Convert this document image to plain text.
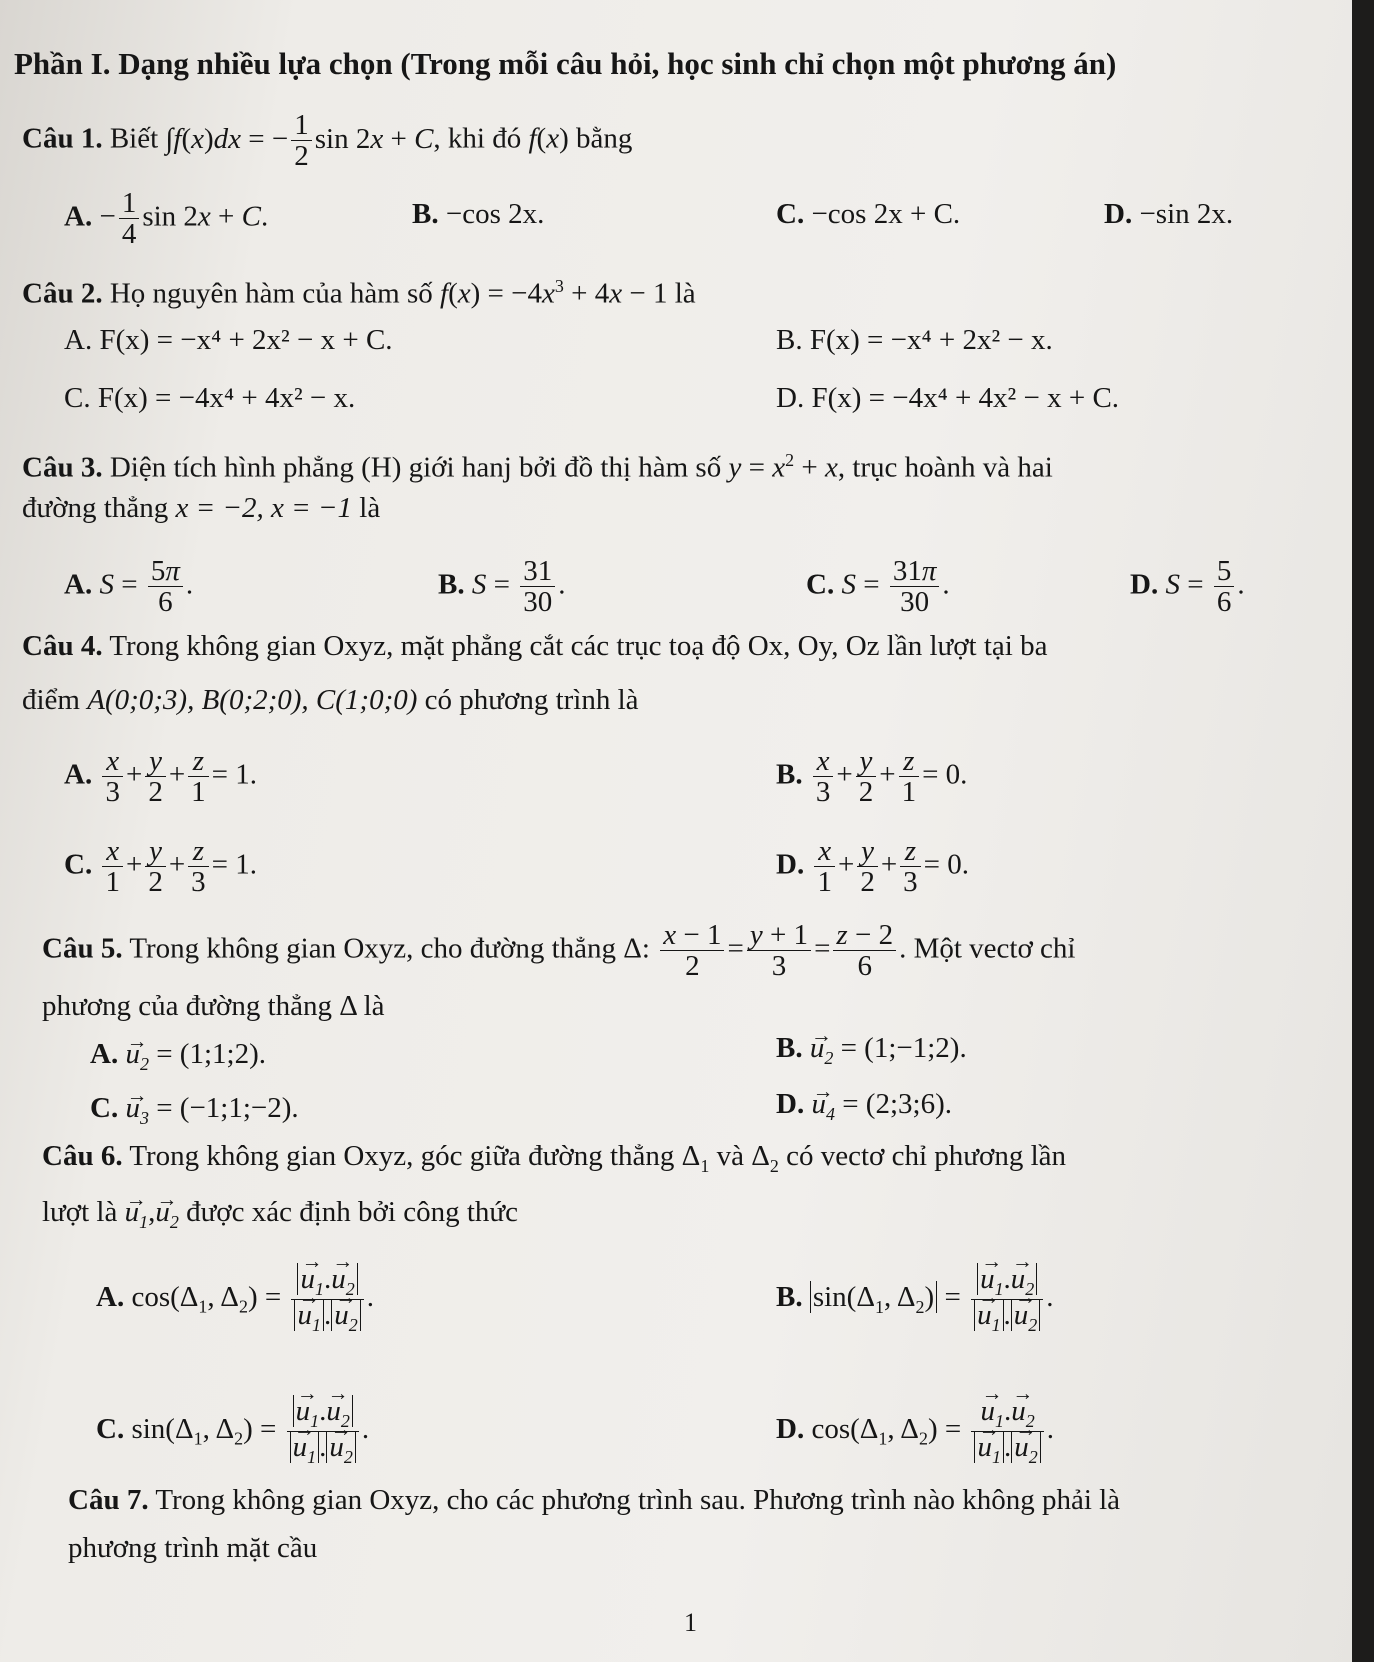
Phần I. Dạng nhiều lựa chọn (Trong mỗi câu hỏi, học sinh chỉ chọn một phương án)
Câu 1. Biết ∫f(x)dx = − $\frac{1}{2}$ sin 2x + C, khi đó f(x) bằng
A. − $\frac{1}{4}$ sin 2x + C.	B. −cos 2x.	C. −cos 2x + C.	D. −sin 2x.
Câu 2. Họ nguyên hàm của hàm số $f(x) = -4x^3 + 4x - 1$ là
A. F(x) = −x⁴ + 2x² − x + C.	B. F(x) = −x⁴ + 2x² − x.
C. F(x) = −4x⁴ + 4x² − x.	D. F(x) = −4x⁴ + 4x² − x + C.
Câu 3. Diện tích hình phẳng (H) giới hanj bởi đồ thị hàm số $y = x^2 + x$, trục hoành và hai
đường thẳng x = −2, x = −1 là
A. $S = \frac{5\pi}{6}$ .	B. $S = \frac{31}{30}$ .	C. $S = \frac{31\pi}{30}$ .	D. $S = \frac{5}{6}$ .
Câu 4. Trong không gian Oxyz, mặt phẳng cắt các trục toạ độ Ox, Oy, Oz lần lượt tại ba
điểm A(0;0;3), B(0;2;0), C(1;0;0) có phương trình là
A. $\frac{x}{3} + \frac{y}{2} + \frac{z}{1} = 1$.	B. $\frac{x}{3} + \frac{y}{2} + \frac{z}{1} = 0$.
C. $\frac{x}{1} + \frac{y}{2} + \frac{z}{3} = 1$.	D. $\frac{x}{1} + \frac{y}{2} + \frac{z}{3} = 0$.
Câu 5. Trong không gian Oxyz, cho đường thẳng Δ: $\frac{x - 1}{2} = \frac{y + 1}{3} = \frac{z - 2}{6}$ . Một vectơ chỉ
phương của đường thẳng Δ là
A. → $u_2$ = (1;1;2).	B. → $u_2$ = (1;−1;2).
C. → $u_3$ = (−1;1;−2).	D. → $u_4$ = (2;3;6).
Câu 6. Trong không gian Oxyz, góc giữa đường thẳng $\Delta_1$ và $\Delta_2$ có vectơ chỉ phương lần
lượt là → $u_1,\to u_2$ được xác định bởi công thức
A. $\cos(\Delta_1$, $\Delta_2$) = → $u_1.\to u_2$
→ $u_1$ . → $u_2$ .	B. $\sin(\Delta_1$, $\Delta_2$) = → $u_1.\to u_2$
→ $u_1$ . → $u_2$ .
C. $\sin(\Delta_1$, $\Delta_2$) = → $u_1.\to u_2$
→ $u_1$ . → $u_2$ .	D. $\cos(\Delta_1$, $\Delta_2$) = → $u_1.\to u_2$
→ $u_1$ . → $u_2$ .
Câu 7. Trong không gian Oxyz, cho các phương trình sau. Phương trình nào không phải là
phương trình mặt cầu
1
